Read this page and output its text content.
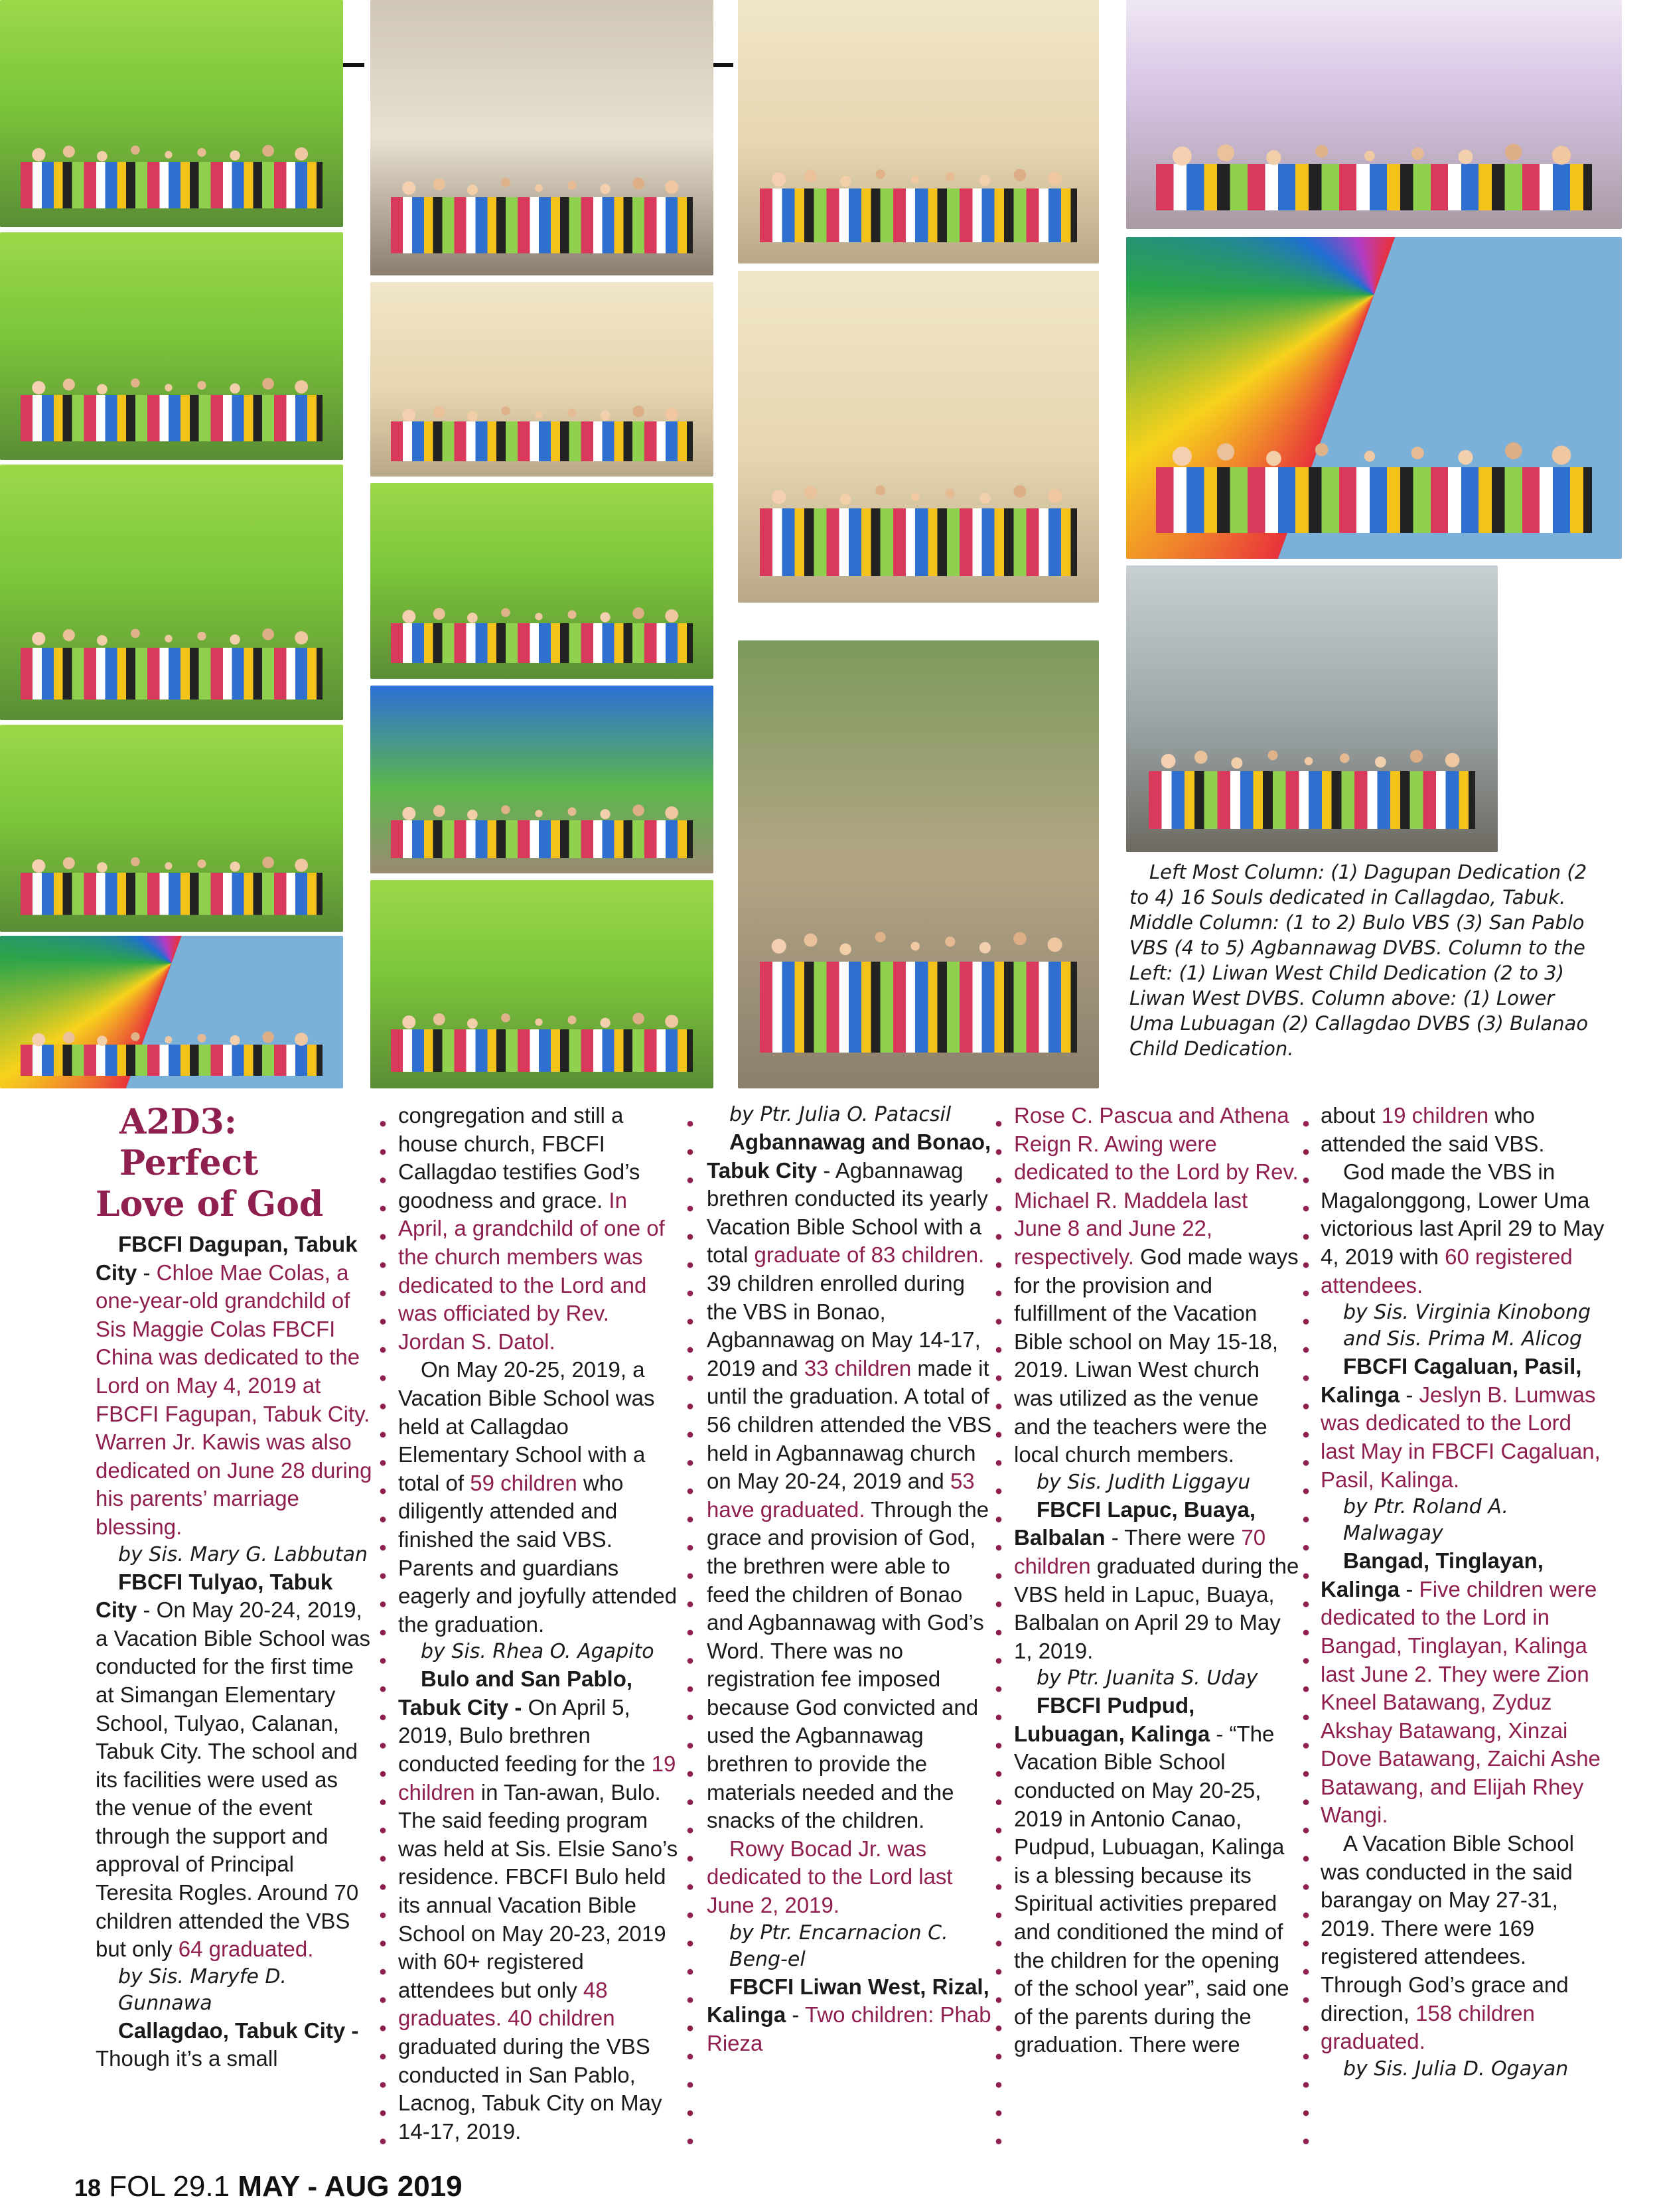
Left Most Column: (1) Dagupan Dedication (2 to 4) 16 Souls dedicated in Callagdao, Tabuk. Middle Column: (1 to 2) Bulo VBS (3) San Pablo VBS (4 to 5) Agbannawag DVBS. Column to the Left: (1) Liwan West Child Dedication (2 to 3) Liwan West DVBS. Column above: (1) Lower Uma Lubuagan (2) Callagdao DVBS (3) Bulanao Child Dedication.

A2D3: Perfect
Love of God

FBCFI Dagupan, Tabuk City - Chloe Mae Colas, a one-year-old grandchild of Sis Maggie Colas FBCFI China was dedicated to the Lord on May 4, 2019 at FBCFI Fagupan, Tabuk City. Warren Jr. Kawis was also dedicated on June 28 during his parents’ marriage blessing.

by Sis. Mary G. Labbutan

FBCFI Tulyao, Tabuk City - On May 20-24, 2019, a Vacation Bible School was conducted for the first time at Simangan Elementary School, Tulyao, Calanan, Tabuk City. The school and its facilities were used as the venue of the event through the support and approval of Principal Teresita Rogles. Around 70 children attended the VBS but only 64 graduated.

by Sis. Maryfe D. Gunnawa

Callagdao, Tabuk City - Though it’s a small

congregation and still a house church, FBCFI Callagdao testifies God’s goodness and grace. In April, a grandchild of one of the church members was dedicated to the Lord and was officiated by Rev. Jordan S. Datol.

On May 20-25, 2019, a Vacation Bible School was held at Callagdao Elementary School with a total of 59 children who diligently attended and finished the said VBS. Parents and guardians eagerly and joyfully attended the graduation.

by Sis. Rhea O. Agapito

Bulo and San Pablo, Tabuk City - On April 5, 2019, Bulo brethren conducted feeding for the 19 children in Tan-awan, Bulo. The said feeding program was held at Sis. Elsie Sano’s residence. FBCFI Bulo held its annual Vacation Bible School on May 20-23, 2019 with 60+ registered attendees but only 48 graduates. 40 children graduated during the VBS conducted in San Pablo, Lacnog, Tabuk City on May 14-17, 2019.

by Ptr. Julia O. Patacsil

Agbannawag and Bonao, Tabuk City - Agbannawag brethren conducted its yearly Vacation Bible School with a total graduate of 83 children. 39 children enrolled during the VBS in Bonao, Agbannawag on May 14-17, 2019 and 33 children made it until the graduation. A total of 56 children attended the VBS held in Agbannawag church on May 20-24, 2019 and 53 have graduated. Through the grace and provision of God, the brethren were able to feed the children of Bonao and Agbannawag with God’s Word. There was no registration fee imposed because God convicted and used the Agbannawag brethren to provide the materials needed and the snacks of the children.

Rowy Bocad Jr. was dedicated to the Lord last June 2, 2019.

by Ptr. Encarnacion C. Beng-el

FBCFI Liwan West, Rizal, Kalinga - Two children: Phab Rieza

Rose C. Pascua and Athena Reign R. Awing were dedicated to the Lord by Rev. Michael R. Maddela last June 8 and June 22, respectively. God made ways for the provision and fulfillment of the Vacation Bible school on May 15-18, 2019. Liwan West church was utilized as the venue and the teachers were the local church members.

by Sis. Judith Liggayu

FBCFI Lapuc, Buaya, Balbalan - There were 70 children graduated during the VBS held in Lapuc, Buaya, Balbalan on April 29 to May 1, 2019.

by Ptr. Juanita S. Uday

FBCFI Pudpud, Lubuagan, Kalinga - “The Vacation Bible School conducted on May 20-25, 2019 in Antonio Canao, Pudpud, Lubuagan, Kalinga is a blessing because its Spiritual activities prepared and conditioned the mind of the children for the opening of the school year”, said one of the parents during the graduation. There were

about 19 children who attended the said VBS.

God made the VBS in Magalonggong, Lower Uma victorious last April 29 to May 4, 2019 with 60 registered attendees.

by Sis. Virginia Kinobong and Sis. Prima M. Alicog

FBCFI Cagaluan, Pasil, Kalinga - Jeslyn B. Lumwas was dedicated to the Lord last May in FBCFI Cagaluan, Pasil, Kalinga.

by Ptr. Roland A. Malwagay

Bangad, Tinglayan, Kalinga - Five children were dedicated to the Lord in Bangad, Tinglayan, Kalinga last June 2. They were Zion Kneel Batawang, Zyduz Akshay Batawang, Xinzai Dove Batawang, Zaichi Ashe Batawang, and Elijah Rhey Wangi.

A Vacation Bible School was conducted in the said barangay on May 27-31, 2019. There were 169 registered attendees. Through God’s grace and direction, 158 children graduated.

by Sis. Julia D. Ogayan

18 FOL 29.1 MAY - AUG 2019
